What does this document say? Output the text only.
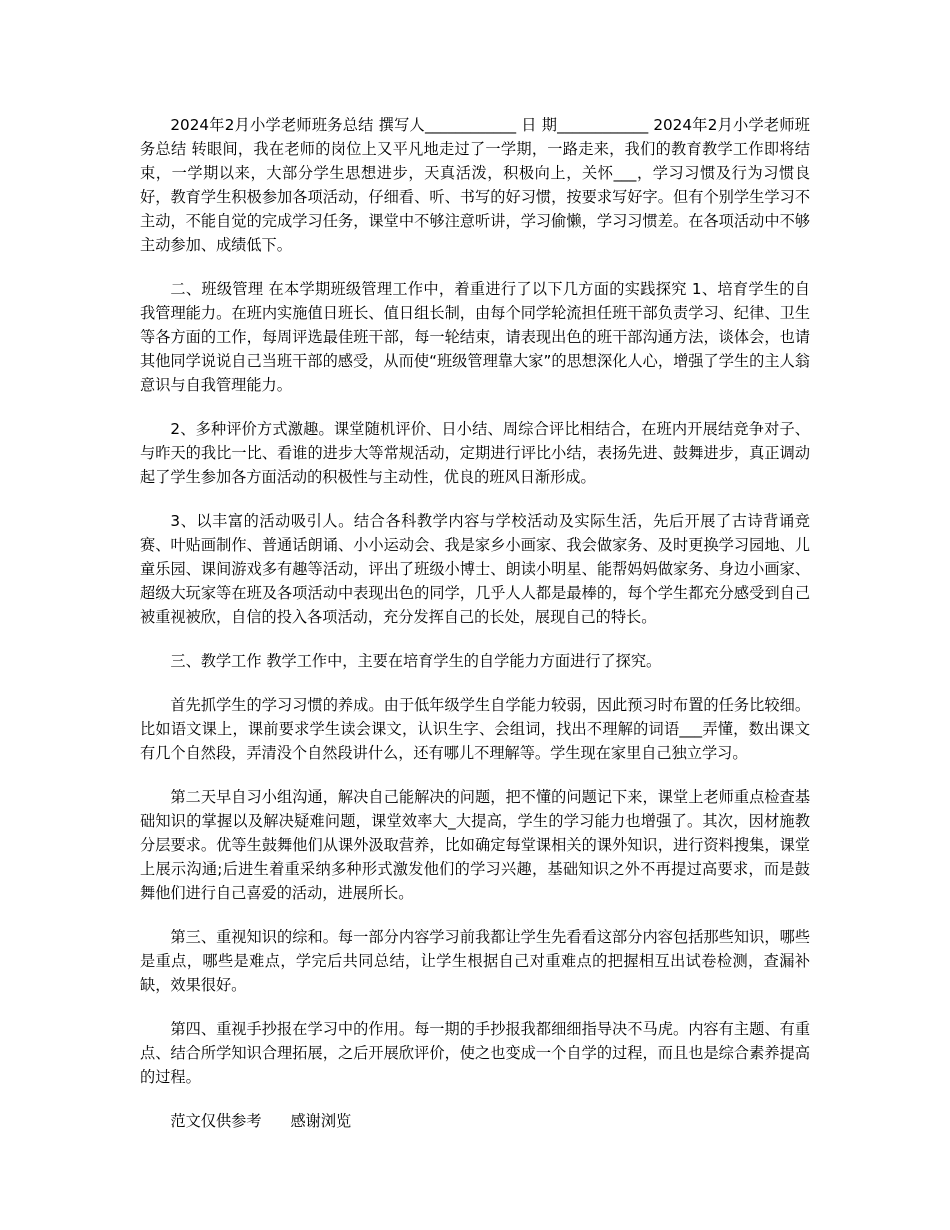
2024年2月小学老师班务总结 撰写人____________ 日 期____________ 2024年2月小学老师班务总结 转眼间，我在老师的岗位上又平凡地走过了一学期，一路走来，我们的教育教学工作即将结束，一学期以来，大部分学生思想进步，天真活泼，积极向上，关怀___，学习习惯及行为习惯良好，教育学生积极参加各项活动，仔细看、听、书写的好习惯，按要求写好字。但有个别学生学习不主动，不能自觉的完成学习任务，课堂中不够注意听讲，学习偷懒，学习习惯差。在各项活动中不够主动参加、成绩低下。

二、班级管理 在本学期班级管理工作中，着重进行了以下几方面的实践探究 1、培育学生的自我管理能力。在班内实施值日班长、值日组长制，由每个同学轮流担任班干部负责学习、纪律、卫生等各方面的工作，每周评选最佳班干部，每一轮结束，请表现出色的班干部沟通方法，谈体会，也请其他同学说说自己当班干部的感受，从而使“班级管理靠大家”的思想深化人心，增强了学生的主人翁意识与自我管理能力。

2、多种评价方式激趣。课堂随机评价、日小结、周综合评比相结合，在班内开展结竞争对子、与昨天的我比一比、看谁的进步大等常规活动，定期进行评比小结，表扬先进、鼓舞进步，真正调动起了学生参加各方面活动的积极性与主动性，优良的班风日渐形成。

3、以丰富的活动吸引人。结合各科教学内容与学校活动及实际生活，先后开展了古诗背诵竞赛、叶贴画制作、普通话朗诵、小小运动会、我是家乡小画家、我会做家务、及时更换学习园地、儿童乐园、课间游戏多有趣等活动，评出了班级小博士、朗读小明星、能帮妈妈做家务、身边小画家、超级大玩家等在班及各项活动中表现出色的同学，几乎人人都是最棒的，每个学生都充分感受到自己被重视被欣，自信的投入各项活动，充分发挥自己的长处，展现自己的特长。

三、教学工作 教学工作中，主要在培育学生的自学能力方面进行了探究。

首先抓学生的学习习惯的养成。由于低年级学生自学能力较弱，因此预习时布置的任务比较细。比如语文课上，课前要求学生读会课文，认识生字、会组词，找出不理解的词语___弄懂，数出课文有几个自然段，弄清没个自然段讲什么，还有哪儿不理解等。学生现在家里自己独立学习。

第二天早自习小组沟通，解决自己能解决的问题，把不懂的问题记下来，课堂上老师重点检查基础知识的掌握以及解决疑难问题，课堂效率大_大提高，学生的学习能力也增强了。其次，因材施教分层要求。优等生鼓舞他们从课外汲取营养，比如确定每堂课相关的课外知识，进行资料搜集，课堂上展示沟通;后进生着重采纳多种形式激发他们的学习兴趣，基础知识之外不再提过高要求，而是鼓舞他们进行自己喜爱的活动，进展所长。

第三、重视知识的综和。每一部分内容学习前我都让学生先看看这部分内容包括那些知识，哪些是重点，哪些是难点，学完后共同总结，让学生根据自己对重难点的把握相互出试卷检测，查漏补缺，效果很好。

第四、重视手抄报在学习中的作用。每一期的手抄报我都细细指导决不马虎。内容有主题、有重点、结合所学知识合理拓展，之后开展欣评价，使之也变成一个自学的过程，而且也是综合素养提高的过程。

范文仅供参考 感谢浏览
